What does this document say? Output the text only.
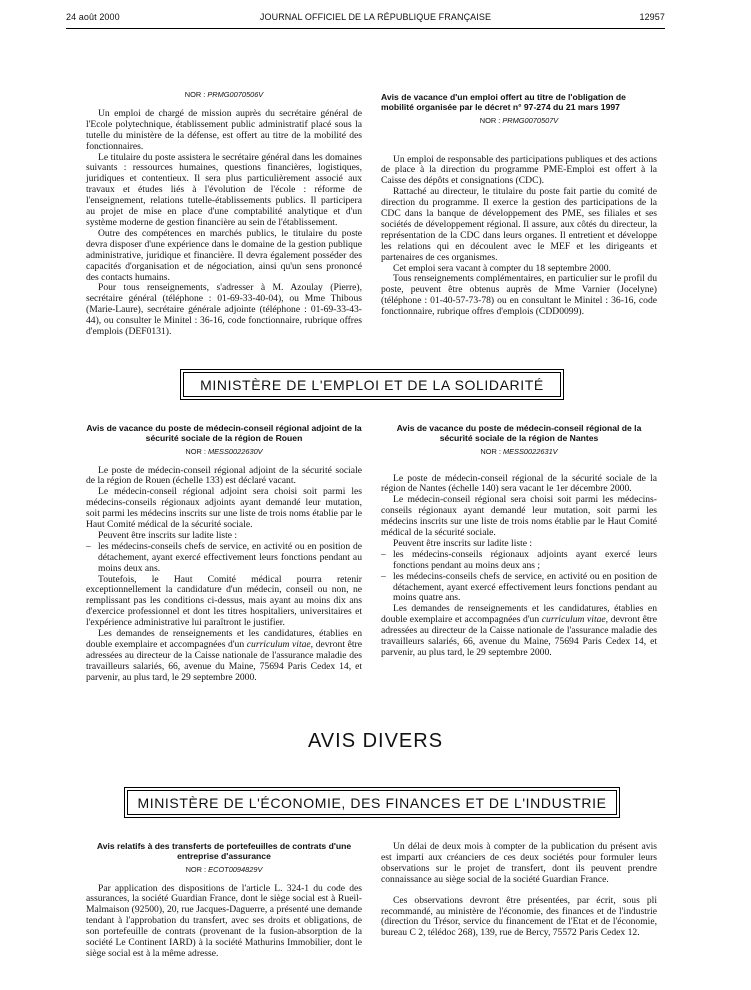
24 août 2000	JOURNAL OFFICIEL DE LA RÉPUBLIQUE FRANÇAISE	12957
NOR : PRMG0070506V

Un emploi de chargé de mission auprès du secrétaire général de l'Ecole polytechnique, établissement public administratif placé sous la tutelle du ministère de la défense, est offert au titre de la mobilité des fonctionnaires.

Le titulaire du poste assistera le secrétaire général dans les domaines suivants : ressources humaines, questions financières, logistiques, juridiques et contentieux. Il sera plus particulièrement associé aux travaux et études liés à l'évolution de l'école : réforme de l'enseignement, relations tutelle-établissements publics. Il participera au projet de mise en place d'une comptabilité analytique et d'un système moderne de gestion financière au sein de l'établissement.

Outre des compétences en marchés publics, le titulaire du poste devra disposer d'une expérience dans le domaine de la gestion publique administrative, juridique et financière. Il devra également posséder des capacités d'organisation et de négociation, ainsi qu'un sens prononcé des contacts humains.

Pour tous renseignements, s'adresser à M. Azoulay (Pierre), secrétaire général (téléphone : 01-69-33-40-04), ou Mme Thibous (Marie-Laure), secrétaire générale adjointe (téléphone : 01-69-33-43-44), ou consulter le Minitel : 36-16, code fonctionnaire, rubrique offres d'emplois (DEF0131).

Avis de vacance d'un emploi offert au titre de l'obligation de mobilité organisée par le décret n° 97-274 du 21 mars 1997
NOR : PRMG0070507V

Un emploi de responsable des participations publiques et des actions de place à la direction du programme PME-Emploi est offert à la Caisse des dépôts et consignations (CDC).

Rattaché au directeur, le titulaire du poste fait partie du comité de direction du programme. Il exerce la gestion des participations de la CDC dans la banque de développement des PME, ses filiales et ses sociétés de développement régional. Il assure, aux côtés du directeur, la représentation de la CDC dans leurs organes. Il entretient et développe les relations qui en découlent avec le MEF et les dirigeants et partenaires de ces organismes.

Cet emploi sera vacant à compter du 18 septembre 2000.

Tous renseignements complémentaires, en particulier sur le profil du poste, peuvent être obtenus auprès de Mme Varnier (Jocelyne) (téléphone : 01-40-57-73-78) ou en consultant le Minitel : 36-16, code fonctionnaire, rubrique offres d'emplois (CDD0099).

MINISTÈRE DE L'EMPLOI ET DE LA SOLIDARITÉ
Avis de vacance du poste de médecin-conseil régional adjoint de la sécurité sociale de la région de Rouen
NOR : MESS0022630V

Le poste de médecin-conseil régional adjoint de la sécurité sociale de la région de Rouen (échelle 133) est déclaré vacant.

Le médecin-conseil régional adjoint sera choisi soit parmi les médecins-conseils régionaux adjoints ayant demandé leur mutation, soit parmi les médecins inscrits sur une liste de trois noms établie par le Haut Comité médical de la sécurité sociale.

Peuvent être inscrits sur ladite liste :

– les médecins-conseils chefs de service, en activité ou en position de détachement, ayant exercé effectivement leurs fonctions pendant au moins deux ans.

Toutefois, le Haut Comité médical pourra retenir exceptionnellement la candidature d'un médecin, conseil ou non, ne remplissant pas les conditions ci-dessus, mais ayant au moins dix ans d'exercice professionnel et dont les titres hospitaliers, universitaires et l'expérience administrative lui paraîtront le justifier.

Les demandes de renseignements et les candidatures, établies en double exemplaire et accompagnées d'un curriculum vitae, devront être adressées au directeur de la Caisse nationale de l'assurance maladie des travailleurs salariés, 66, avenue du Maine, 75694 Paris Cedex 14, et parvenir, au plus tard, le 29 septembre 2000.

Avis de vacance du poste de médecin-conseil régional de la sécurité sociale de la région de Nantes
NOR : MESS0022631V

Le poste de médecin-conseil régional de la sécurité sociale de la région de Nantes (échelle 140) sera vacant le 1er décembre 2000.

Le médecin-conseil régional sera choisi soit parmi les médecins-conseils régionaux ayant demandé leur mutation, soit parmi les médecins inscrits sur une liste de trois noms établie par le Haut Comité médical de la sécurité sociale.

Peuvent être inscrits sur ladite liste :

– les médecins-conseils régionaux adjoints ayant exercé leurs fonctions pendant au moins deux ans ;
– les médecins-conseils chefs de service, en activité ou en position de détachement, ayant exercé effectivement leurs fonctions pendant au moins quatre ans.

Les demandes de renseignements et les candidatures, établies en double exemplaire et accompagnées d'un curriculum vitae, devront être adressées au directeur de la Caisse nationale de l'assurance maladie des travailleurs salariés, 66, avenue du Maine, 75694 Paris Cedex 14, et parvenir, au plus tard, le 29 septembre 2000.

AVIS DIVERS
MINISTÈRE DE L'ÉCONOMIE, DES FINANCES ET DE L'INDUSTRIE
Avis relatifs à des transferts de portefeuilles de contrats d'une entreprise d'assurance
NOR : ECOT0094829V

Par application des dispositions de l'article L. 324-1 du code des assurances, la société Guardian France, dont le siège social est à Rueil-Malmaison (92500), 20, rue Jacques-Daguerre, a présenté une demande tendant à l'approbation du transfert, avec ses droits et obligations, de son portefeuille de contrats (provenant de la fusion-absorption de la société Le Continent IARD) à la société Mathurins Immobilier, dont le siège social est à la même adresse.

Un délai de deux mois à compter de la publication du présent avis est imparti aux créanciers de ces deux sociétés pour formuler leurs observations sur le projet de transfert, dont ils peuvent prendre connaissance au siège social de la société Guardian France.

Ces observations devront être présentées, par écrit, sous pli recommandé, au ministère de l'économie, des finances et de l'industrie (direction du Trésor, service du financement de l'Etat et de l'économie, bureau C 2, télédoc 268), 139, rue de Bercy, 75572 Paris Cedex 12.
